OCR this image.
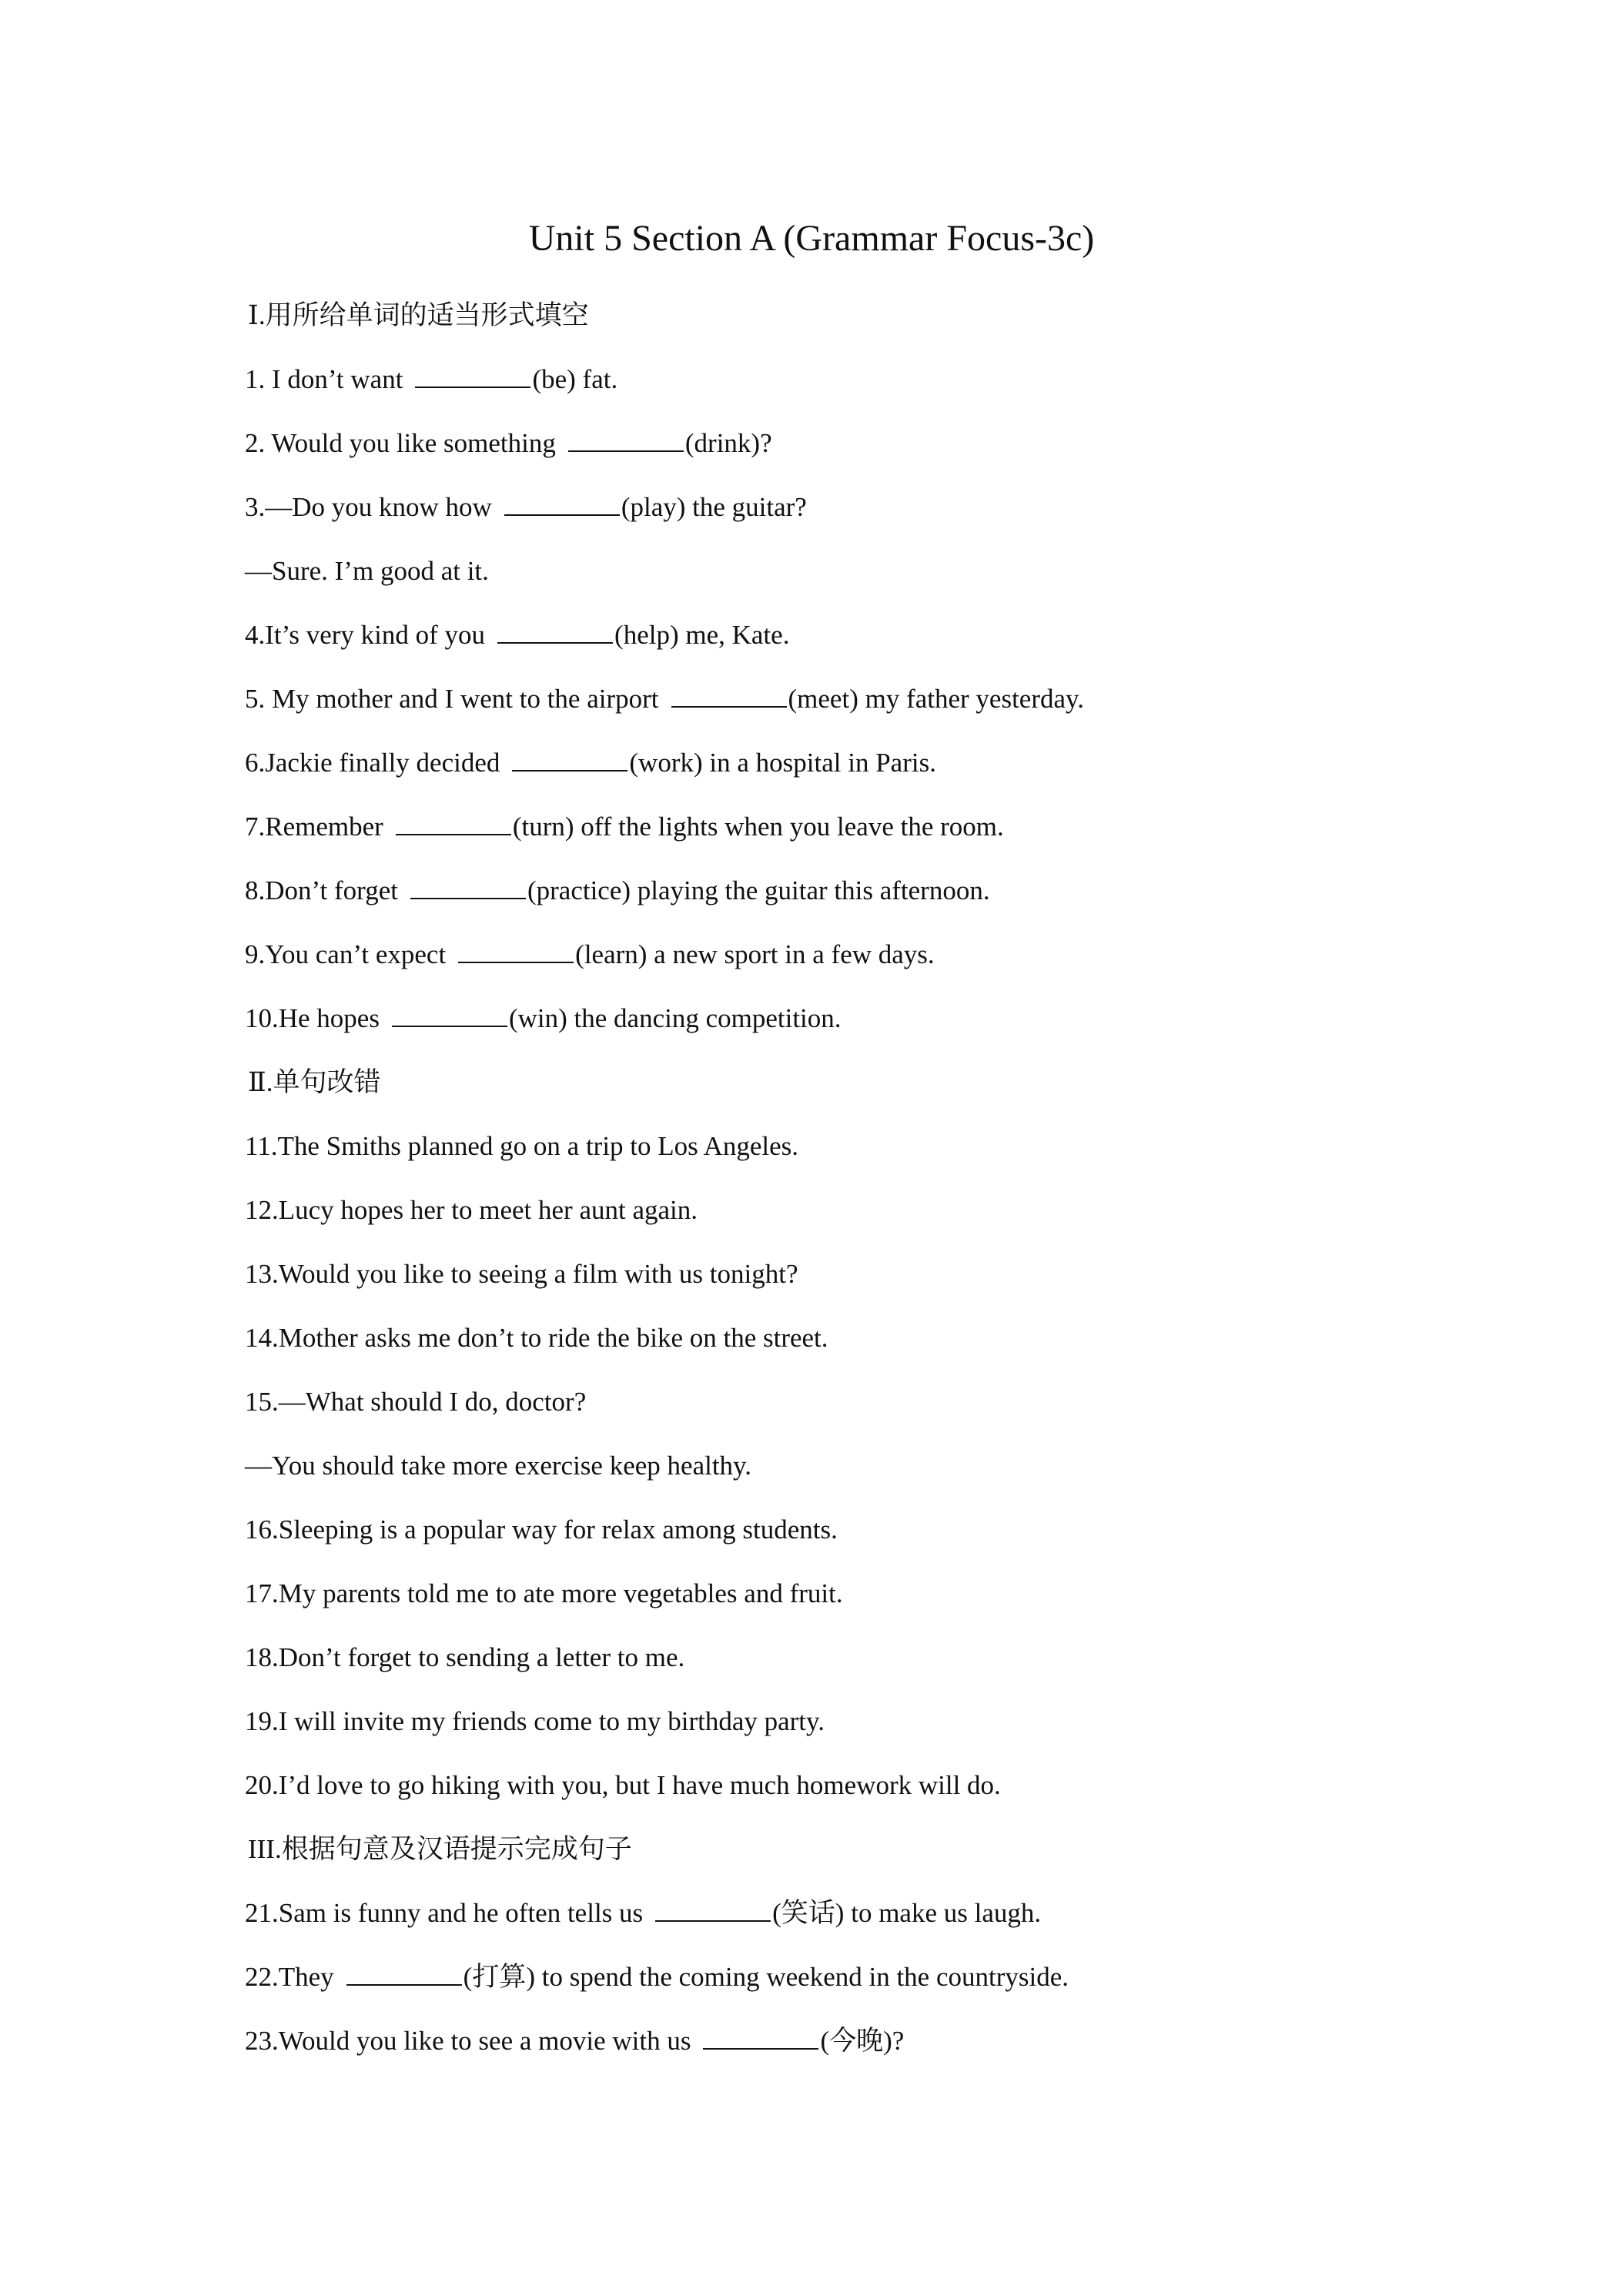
Unit 5 Section A (Grammar Focus-3c)
Ⅰ.用所给单词的适当形式填空
1. I don’t want	(be) fat.
2. Would you like something	(drink)?
3.—Do you know how	(play) the guitar?
—Sure. I’m good at it.
4.It’s very kind of you	(help) me, Kate.
5. My mother and I went to the airport	(meet) my father yesterday.
6.Jackie finally decided	(work) in a hospital in Paris.
7.Remember	(turn) off the lights when you leave the room.
8.Don’t forget	(practice) playing the guitar this afternoon.
9.You can’t expect	(learn) a new sport in a few days.
10.He hopes	(win) the dancing competition.
Ⅱ.单句改错
11.The Smiths planned go on a trip to Los Angeles.
12.Lucy hopes her to meet her aunt again.
13.Would you like to seeing a film with us tonight?
14.Mother asks me don’t to ride the bike on the street.
15.—What should I do, doctor?
—You should take more exercise keep healthy.
16.Sleeping is a popular way for relax among students.
17.My parents told me to ate more vegetables and fruit.
18.Don’t forget to sending a letter to me.
19.I will invite my friends come to my birthday party.
20.I’d love to go hiking with you, but I have much homework will do.
III.根据句意及汉语提示完成句子
21.Sam is funny and he often tells us	(笑话) to make us laugh.
22.They	(打算) to spend the coming weekend in the countryside.
23.Would you like to see a movie with us	(今晚)?
